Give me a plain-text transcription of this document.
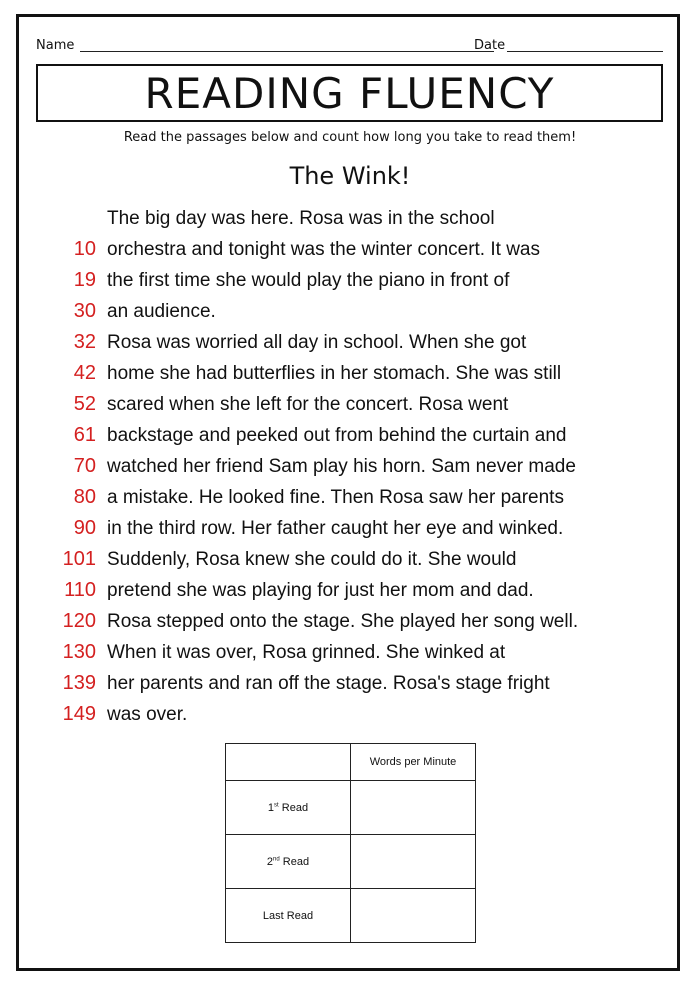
Name	Date
READING FLUENCY
Read the passages below and count how long you take to read them!
The Wink!
The big day was here. Rosa was in the school
10 orchestra and tonight was the winter concert. It was
19 the first time she would play the piano in front of
30 an audience.
32 Rosa was worried all day in school. When she got
42 home she had butterflies in her stomach. She was still
52 scared when she left for the concert. Rosa went
61 backstage and peeked out from behind the curtain and
70 watched her friend Sam play his horn. Sam never made
80 a mistake. He looked fine. Then Rosa saw her parents
90 in the third row. Her father caught her eye and winked.
101 Suddenly, Rosa knew she could do it. She would
110 pretend she was playing for just her mom and dad.
120 Rosa stepped onto the stage. She played her song well.
130 When it was over, Rosa grinned. She winked at
139 her parents and ran off the stage. Rosa's stage fright
149 was over.
	Words per Minute
1st Read	
2nd Read	
Last Read	
